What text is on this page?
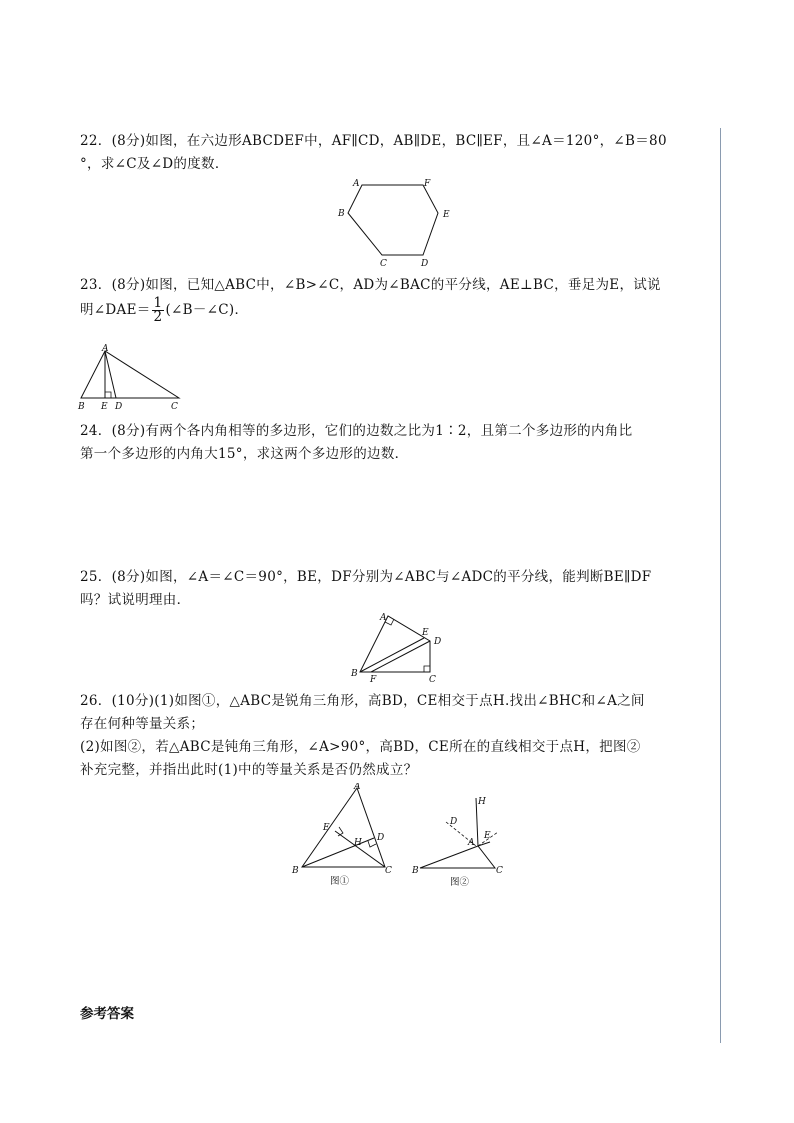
22．(8分)如图，在六边形ABCDEF中，AF∥CD，AB∥DE，BC∥EF，且∠A＝120°，∠B＝80
°，求∠C及∠D的度数．
A	F
B	E
C	D
23．(8分)如图，已知△ABC中，∠B>∠C，AD为∠BAC的平分线，AE⊥BC，垂足为E，试说
明∠DAE＝ $\frac{1}{2}$ (∠B－∠C)．
A
B E D	C
24．(8分)有两个各内角相等的多边形，它们的边数之比为1∶2，且第二个多边形的内角比
第一个多边形的内角大15°，求这两个多边形的边数．
25．(8分)如图，∠A＝∠C＝90°，BE，DF分别为∠ABC与∠ADC的平分线，能判断BE∥DF
吗？试说明理由．
A
E
D
B
F	C
26．(10分)(1)如图①，△ABC是锐角三角形，高BD，CE相交于点H.找出∠BHC和∠A之间
存在何种等量关系；
(2)如图②，若△ABC是钝角三角形，∠A>90°，高BD，CE所在的直线相交于点H，把图②
补充完整，并指出此时(1)中的等量关系是否仍然成立？
A
E
D
H
B	C
图①
H
D
E
A
B	C
图②
参考答案
